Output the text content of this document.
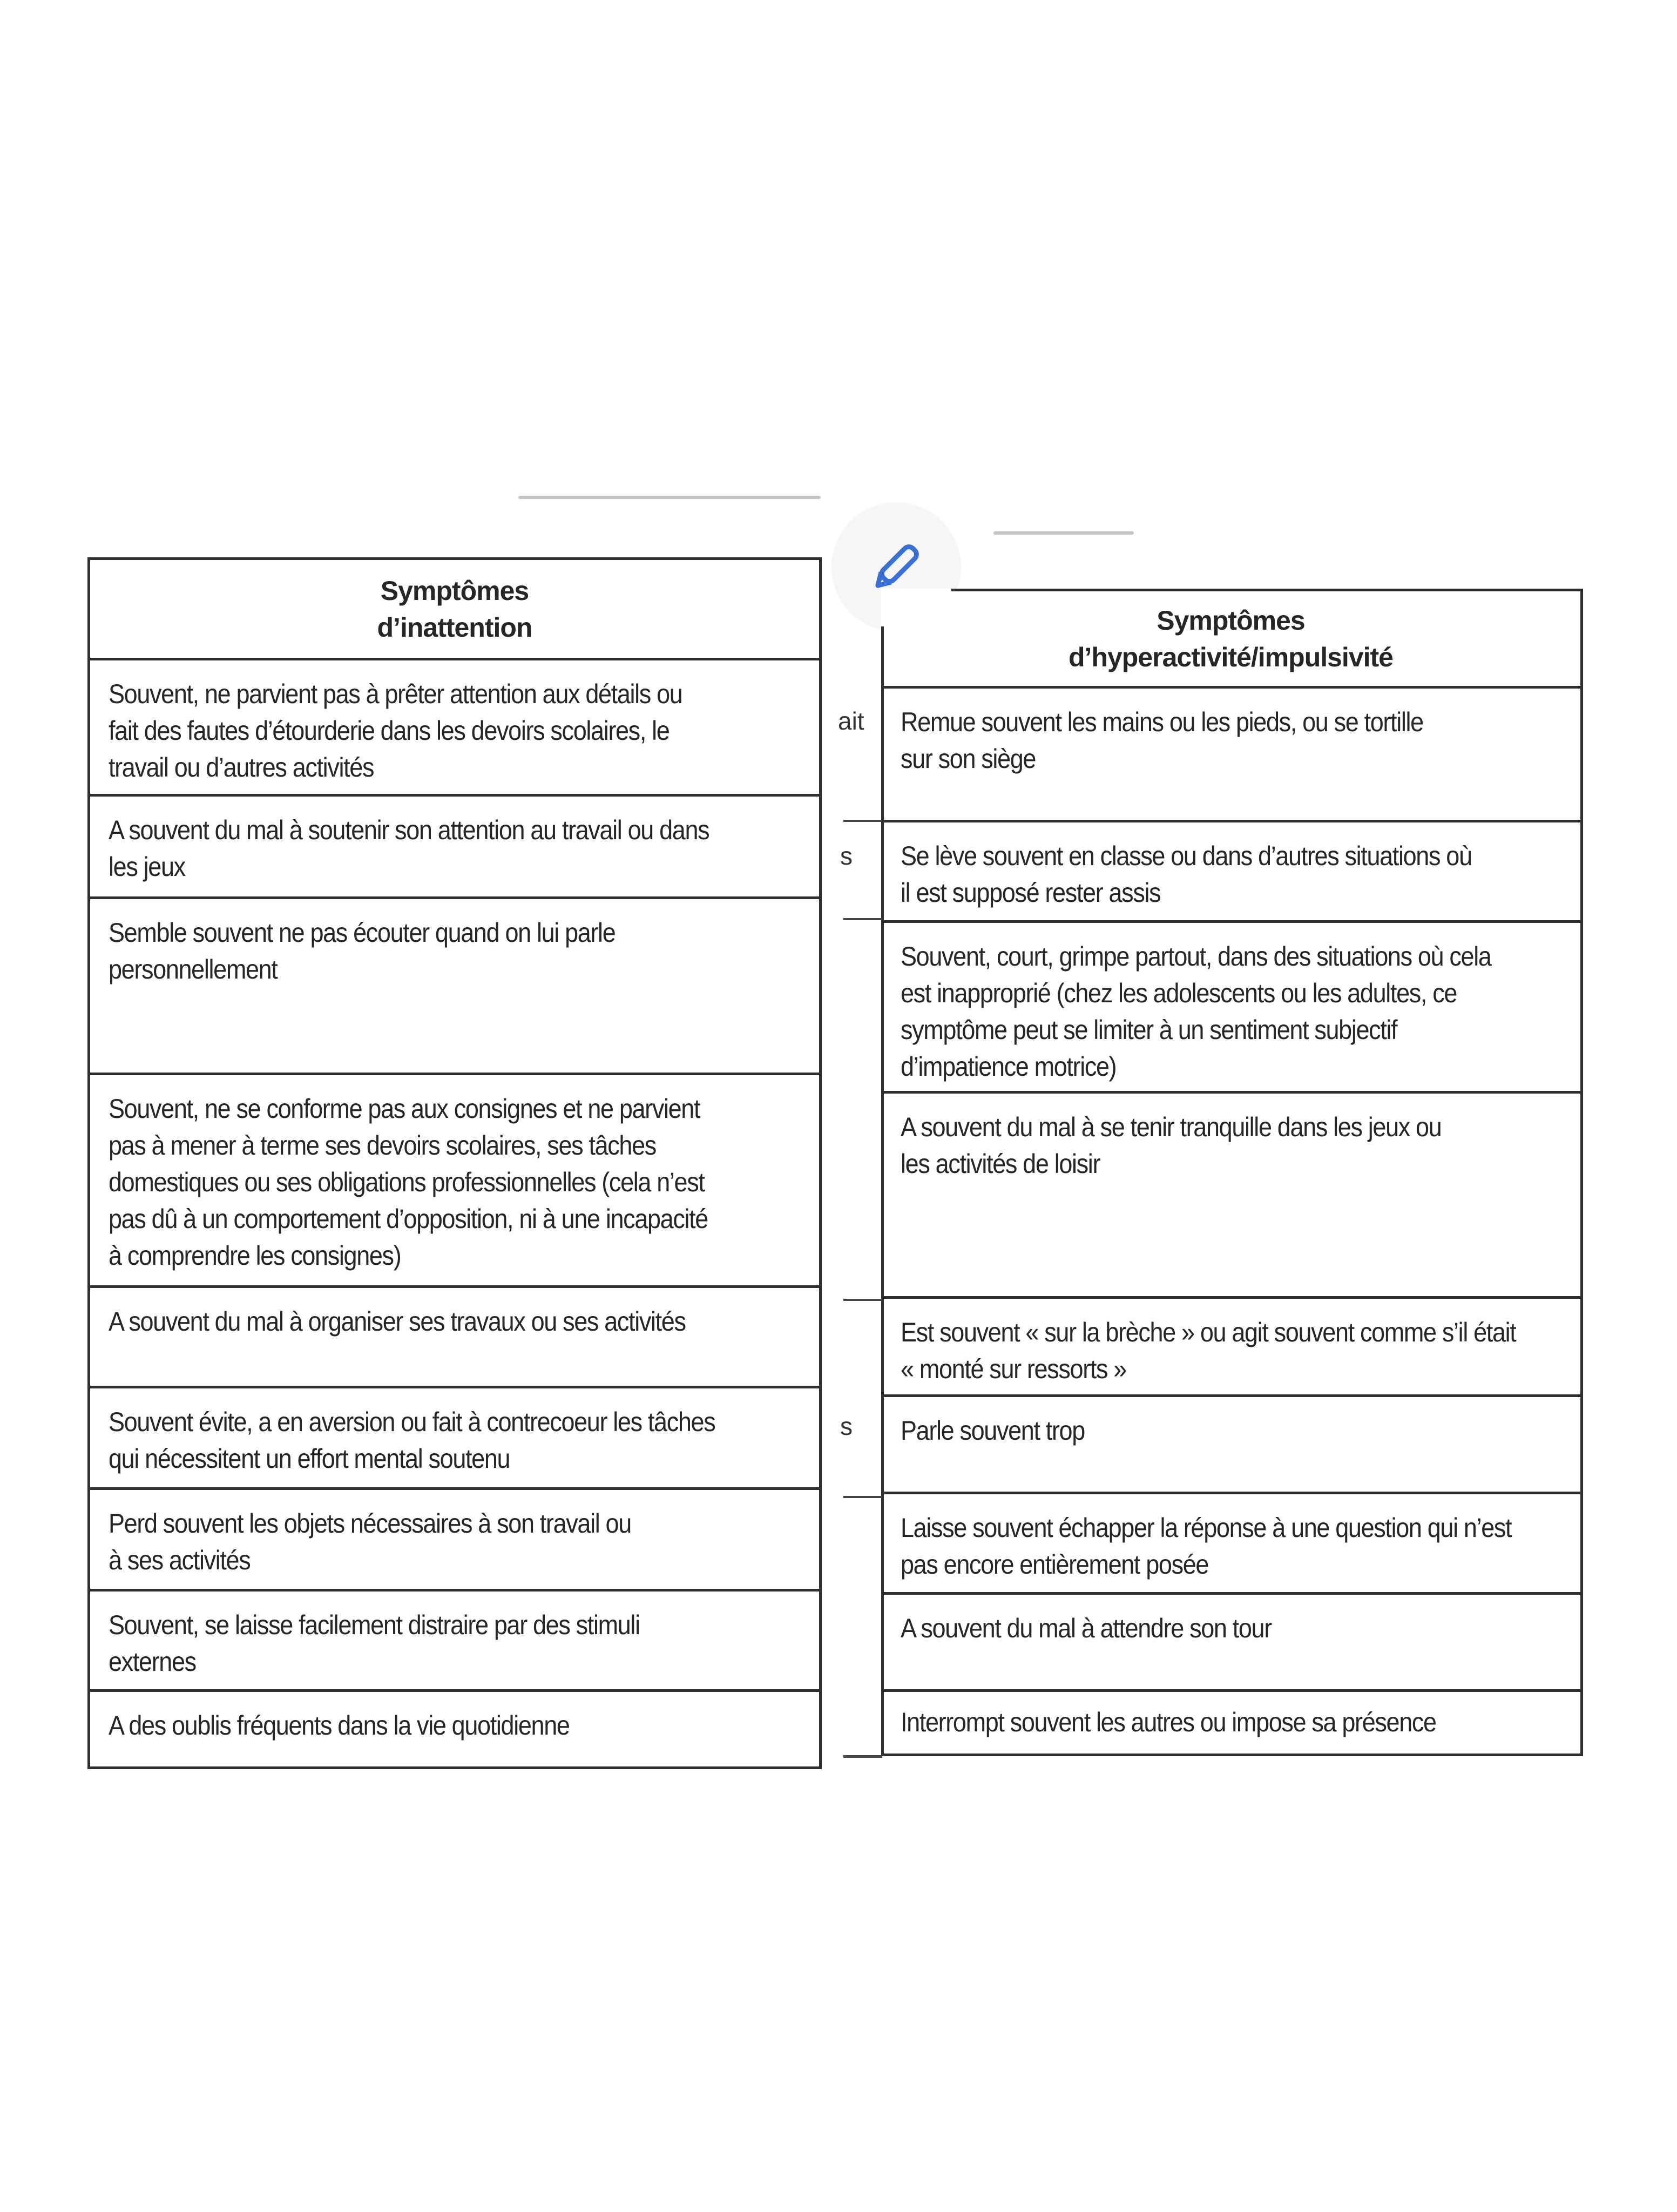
Symptômes
d’inattention
Souvent, ne parvient pas à prêter attention aux détails ou fait des fautes d’étourderie dans les devoirs scolaires, le travail ou d’autres activités
A souvent du mal à soutenir son attention au travail ou dans les jeux
Semble souvent ne pas écouter quand on lui parle personnellement
Souvent, ne se conforme pas aux consignes et ne parvient pas à mener à terme ses devoirs scolaires, ses tâches domestiques ou ses obligations professionnelles (cela n’est pas dû à un comportement d’opposition, ni à une incapacité à comprendre les consignes)
A souvent du mal à organiser ses travaux ou ses activités
Souvent évite, a en aversion ou fait à contrecoeur les tâches qui nécessitent un effort mental soutenu
Perd souvent les objets nécessaires à son travail ou à ses activités
Souvent, se laisse facilement distraire par des stimuli externes
A des oublis fréquents dans la vie quotidienne
Symptômes
d’hyperactivité/impulsivité
Remue souvent les mains ou les pieds, ou se tortille sur son siège
Se lève souvent en classe ou dans d’autres situations où il est supposé rester assis
Souvent, court, grimpe partout, dans des situations où cela est inapproprié (chez les adolescents ou les adultes, ce symptôme peut se limiter à un sentiment subjectif d’impatience motrice)
A souvent du mal à se tenir tranquille dans les jeux ou les activités de loisir
Est souvent « sur la brèche » ou agit souvent comme s’il était « monté sur ressorts »
Parle souvent trop
Laisse souvent échapper la réponse à une question qui n’est pas encore entièrement posée
A souvent du mal à attendre son tour
Interrompt souvent les autres ou impose sa présence
ait
s
s
